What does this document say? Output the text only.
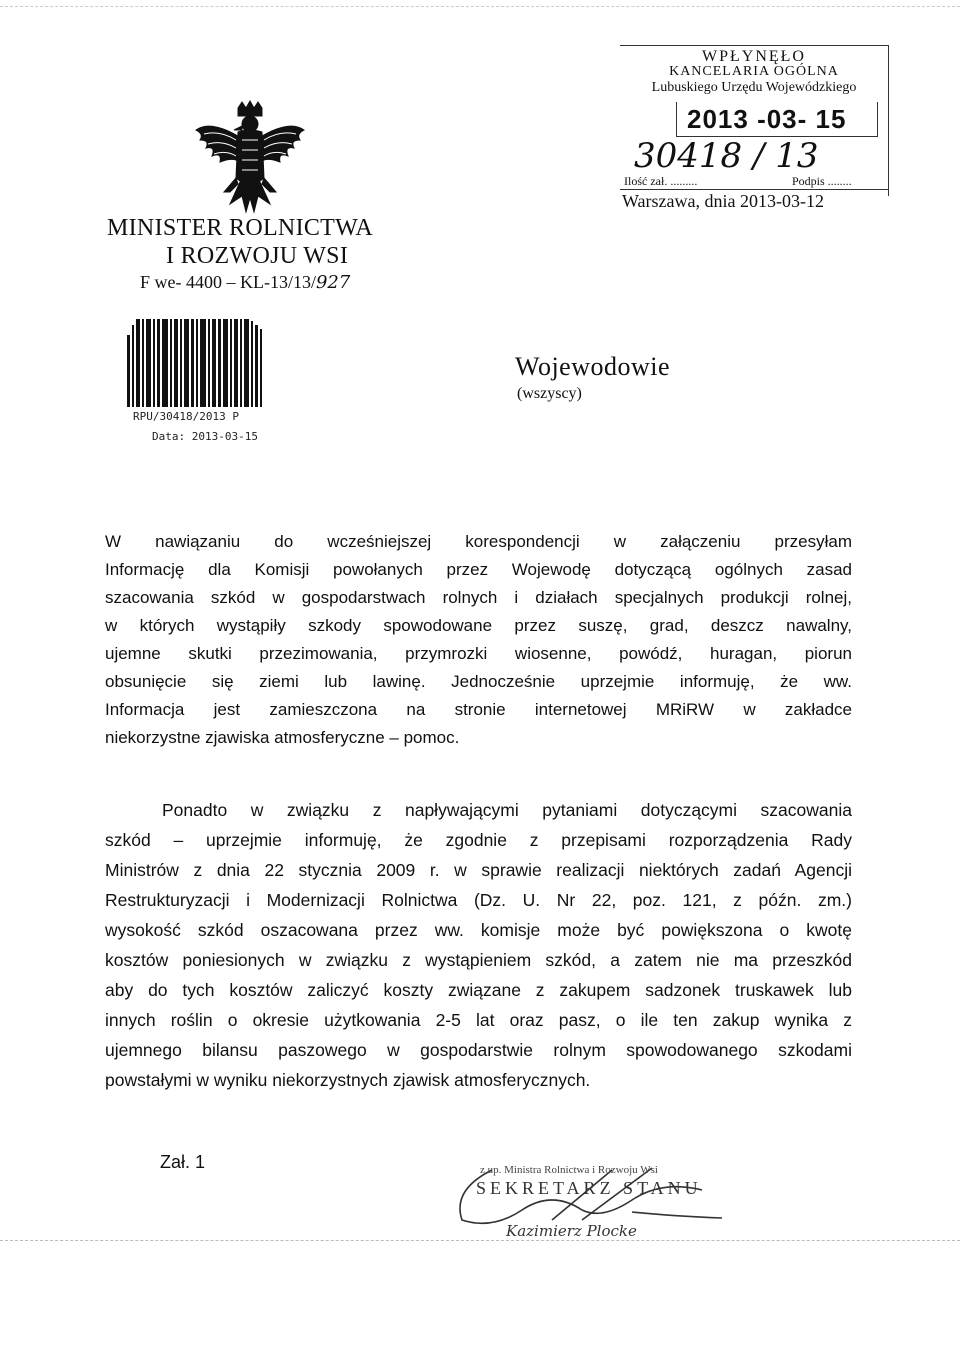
MINISTER ROLNICTWA
I ROZWOJU WSI
F we- 4400 – KL-13/13/927
RPU/30418/2013 P
Data: 2013-03-15
WPŁYNĘŁO
KANCELARIA OGÓLNA
Lubuskiego Urzędu Wojewódzkiego
2013 -03- 15
30418 / 13
Ilość zał. .........	Podpis ........
Warszawa, dnia 2013-03-12
Wojewodowie
(wszyscy)
W nawiązaniu do wcześniejszej korespondencji w załączeniu przesyłam
Informację dla Komisji powołanych przez Wojewodę dotyczącą ogólnych zasad
szacowania szkód w gospodarstwach rolnych i działach specjalnych produkcji rolnej,
w których wystąpiły szkody spowodowane przez suszę, grad, deszcz nawalny,
ujemne skutki przezimowania, przymrozki wiosenne, powódź, huragan, piorun
obsunięcie się ziemi lub lawinę. Jednocześnie uprzejmie informuję, że ww.
Informacja jest zamieszczona na stronie internetowej MRiRW w zakładce
niekorzystne zjawiska atmosferyczne – pomoc.
Ponadto w związku z napływającymi pytaniami dotyczącymi szacowania
szkód – uprzejmie informuję, że zgodnie z przepisami rozporządzenia Rady
Ministrów z dnia 22 stycznia 2009 r. w sprawie realizacji niektórych zadań Agencji
Restrukturyzacji i Modernizacji Rolnictwa (Dz. U. Nr 22, poz. 121, z późn. zm.)
wysokość szkód oszacowana przez ww. komisje może być powiększona o kwotę
kosztów poniesionych w związku z wystąpieniem szkód, a zatem nie ma przeszkód
aby do tych kosztów zaliczyć koszty związane z zakupem sadzonek truskawek lub
innych roślin o okresie użytkowania 2-5 lat oraz pasz, o ile ten zakup wynika z
ujemnego bilansu paszowego w gospodarstwie rolnym spowodowanego szkodami
powstałymi w wyniku niekorzystnych zjawisk atmosferycznych.
Zał. 1	z up. Ministra Rolnictwa i Rozwoju Wsi
SEKRETARZ STANU
Kazimierz Plocke
